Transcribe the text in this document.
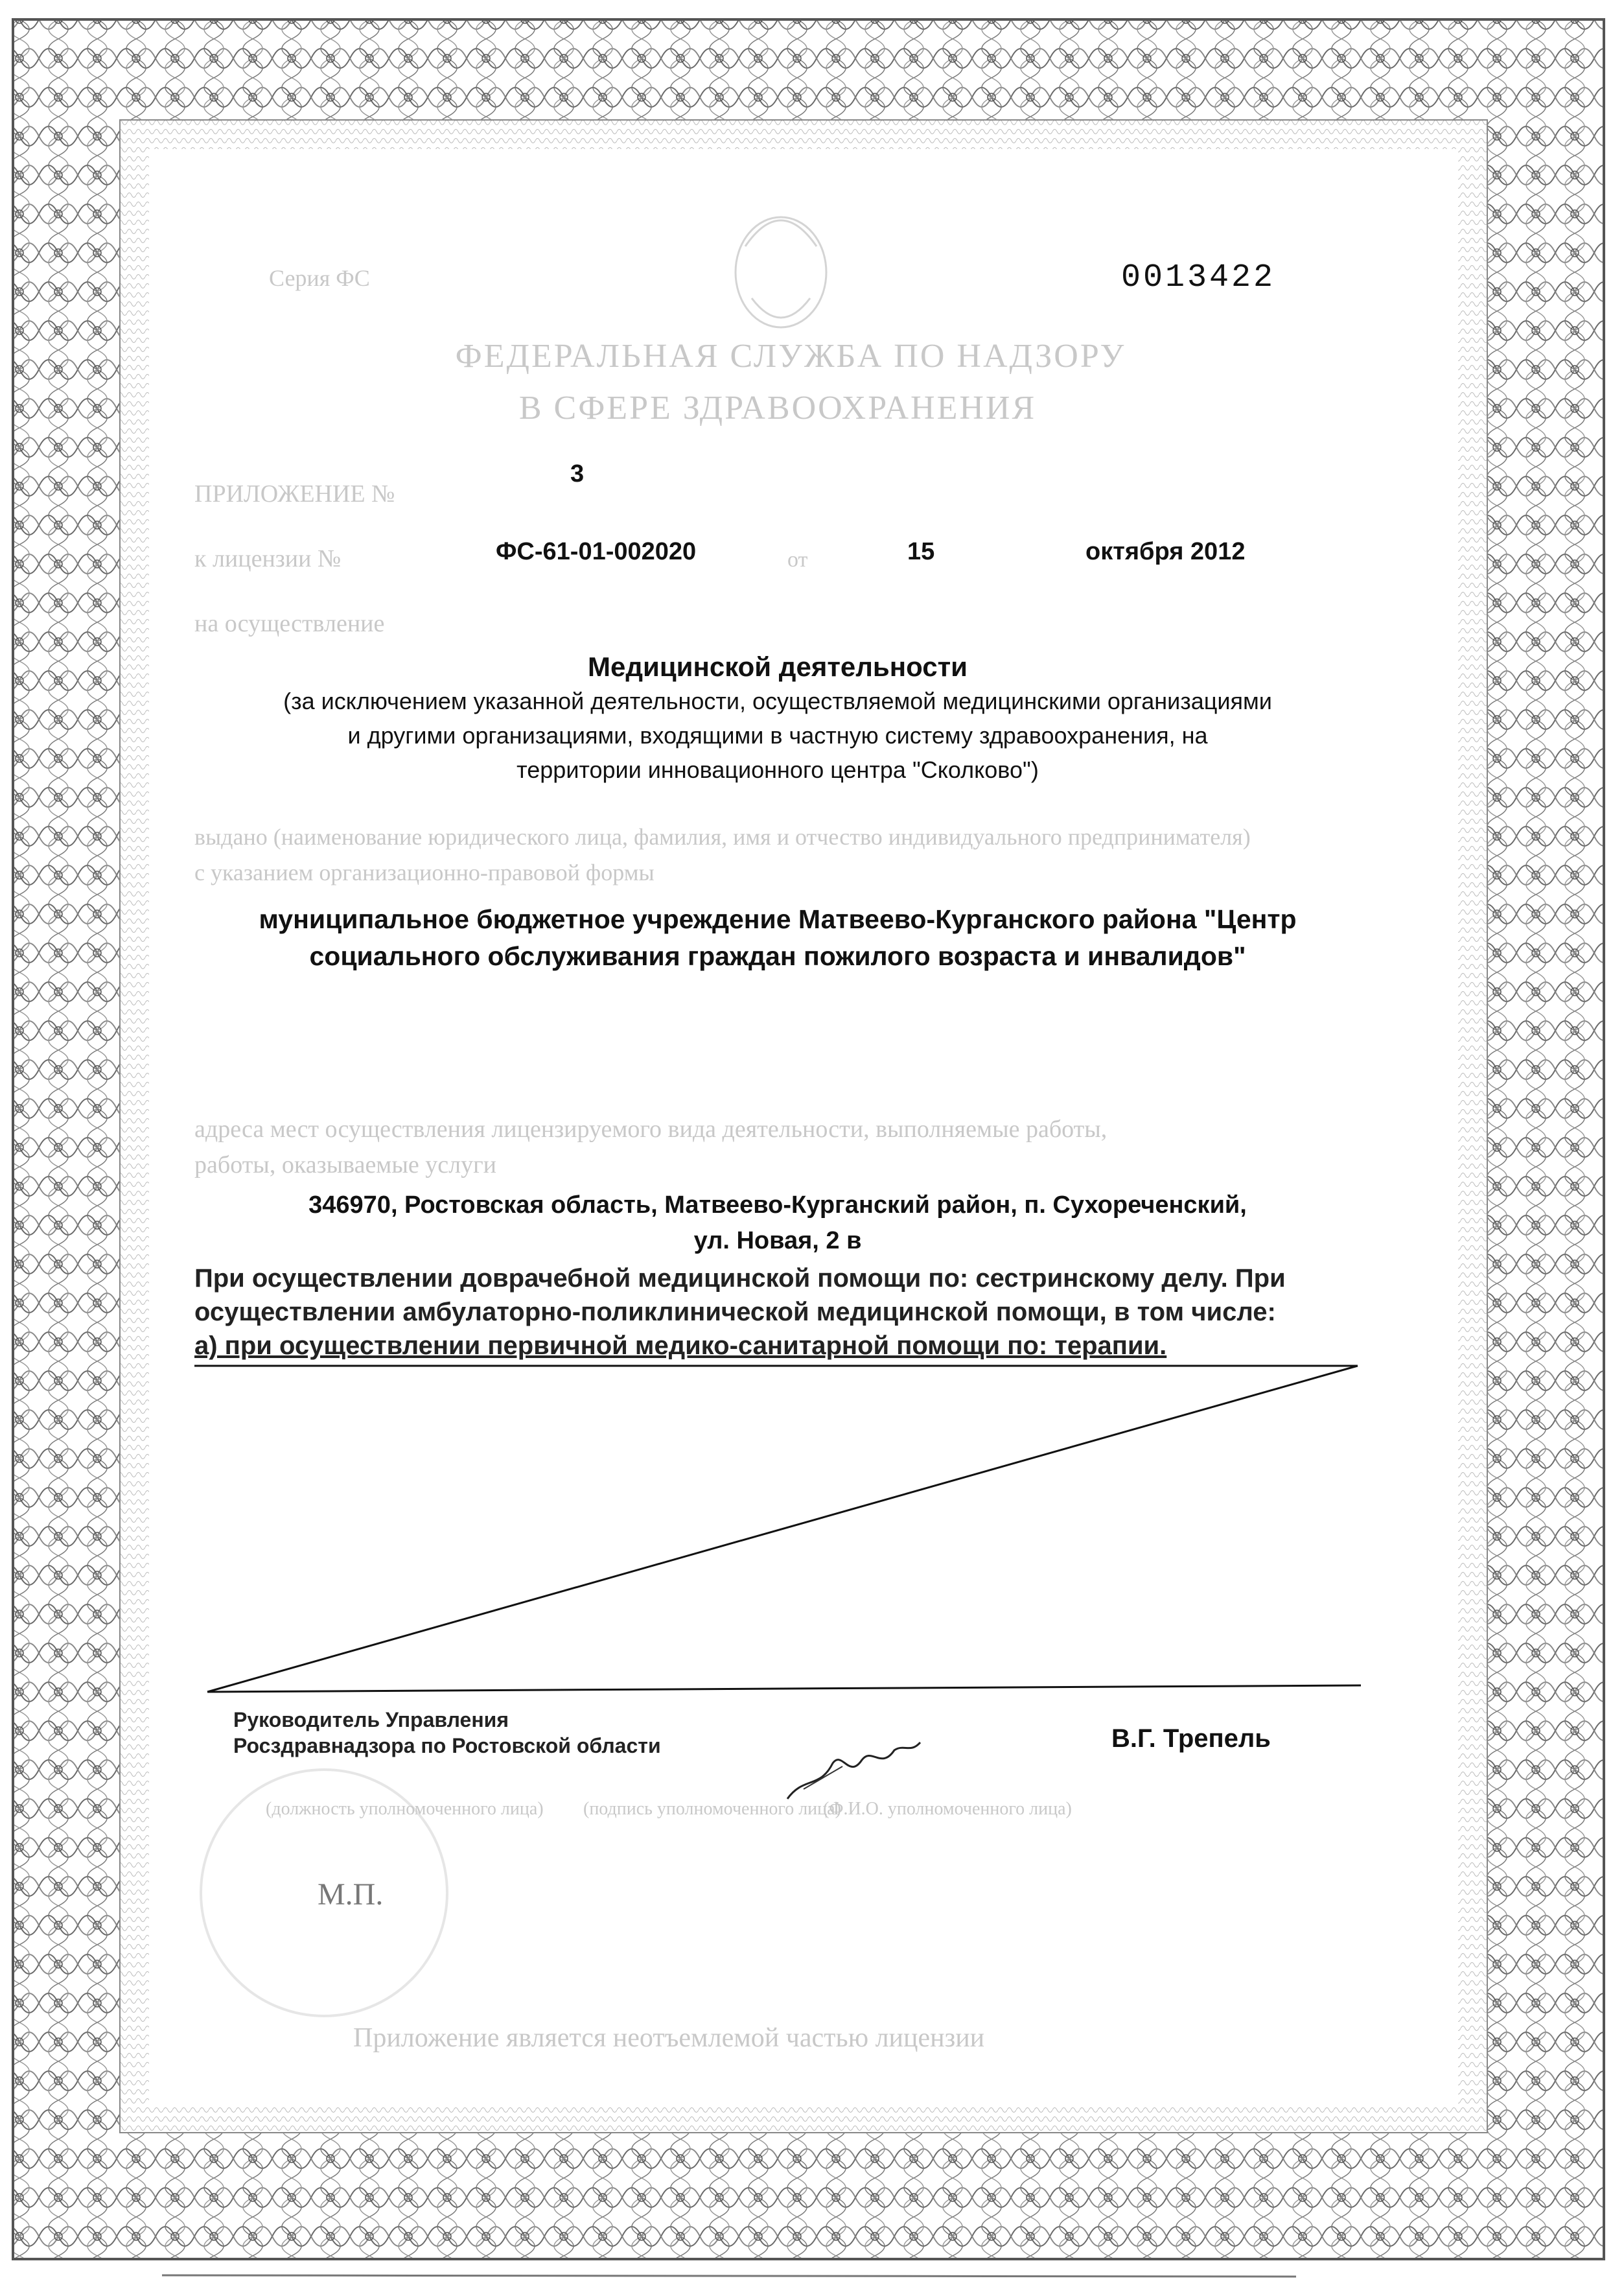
Серия ФС
ФЕДЕРАЛЬНАЯ СЛУЖБА ПО НАДЗОРУ
В СФЕРЕ ЗДРАВООХРАНЕНИЯ
ПРИЛОЖЕНИЕ №
к лицензии №	от
на осуществление
выдано (наименование юридического лица, фамилия, имя и отчество индивидуального предпринимателя)
с указанием организационно-правовой формы
адреса мест осуществления лицензируемого вида деятельности, выполняемые работы,
работы, оказываемые услуги
(должность уполномоченного лица) (подпись уполномоченного лица)
(Ф.И.О. уполномоченного лица)
Приложение является неотъемлемой частью лицензии
М.П.
0013422
3
ФС-61-01-002020	15	октября 2012
Медицинской деятельности
(за исключением указанной деятельности, осуществляемой медицинскими организациями
и другими организациями, входящими в частную систему здравоохранения, на
территории инновационного центра "Сколково")
муниципальное бюджетное учреждение Матвеево-Курганского района "Центр
социального обслуживания граждан пожилого возраста и инвалидов"
346970, Ростовская область, Матвеево-Курганский район, п. Сухореченский,
ул. Новая, 2 в
При осуществлении доврачебной медицинской помощи по: сестринскому делу. При
осуществлении амбулаторно-поликлинической медицинской помощи, в том числе:
а) при осуществлении первичной медико-санитарной помощи по: терапии.
Руководитель Управления
Росздравнадзора по Ростовской области	В.Г. Трепель
